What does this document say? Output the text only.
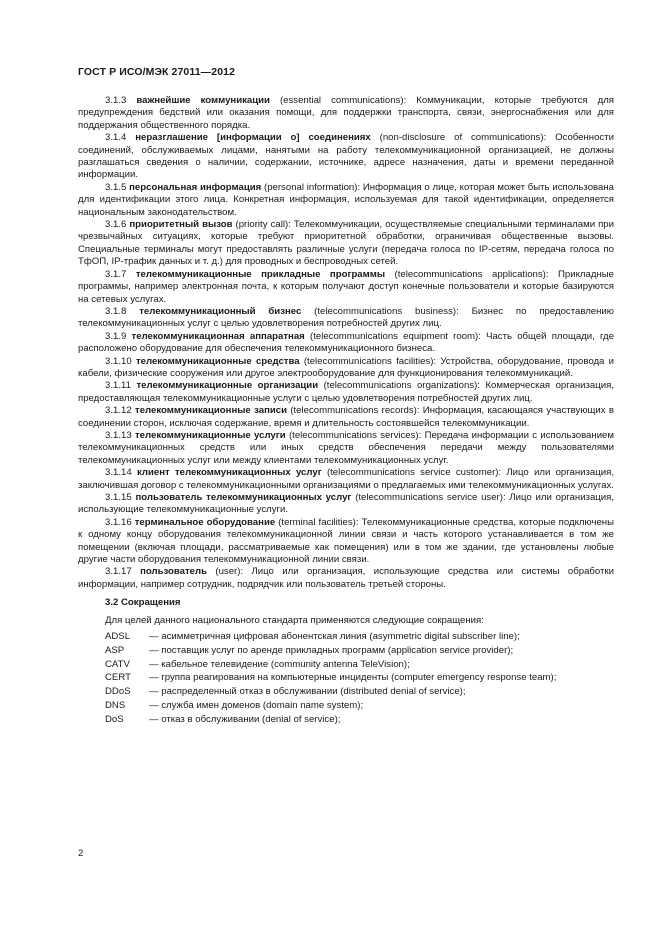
ГОСТ Р ИСО/МЭК 27011—2012

3.1.3 важнейшие коммуникации (essential communications): Коммуникации, которые требуются для предупреждения бедствий или оказания помощи, для поддержки транспорта, связи, энергоснабжения или для поддержания общественного порядка.

3.1.4 неразглашение [информации о] соединениях (non-disclosure of communications): Особенности соединений, обслуживаемых лицами, нанятыми на работу телекоммуникационной организацией, не должны разглашаться сведения о наличии, содержании, источнике, адресе назначения, даты и времени переданной информации.

3.1.5 персональная информация (personal information): Информация о лице, которая может быть использована для идентификации этого лица. Конкретная информация, используемая для такой идентификации, определяется национальным законодательством.

3.1.6 приоритетный вызов (priority call): Телекоммуникации, осуществляемые специальными терминалами при чрезвычайных ситуациях, которые требуют приоритетной обработки, ограничивая общественные вызовы. Специальные терминалы могут предоставлять различные услуги (передача голоса по IP-сетям, передача голоса по ТфОП, IP-трафик данных и т. д.) для проводных и беспроводных сетей.

3.1.7 телекоммуникационные прикладные программы (telecommunications applications): Прикладные программы, например электронная почта, к которым получают доступ конечные пользователи и которые базируются на сетевых услугах.

3.1.8 телекоммуникационный бизнес (telecommunications business): Бизнес по предоставлению телекоммуникационных услуг с целью удовлетворения потребностей других лиц.

3.1.9 телекоммуникационная аппаратная (telecommunications equipment room): Часть общей площади, где расположено оборудование для обеспечения телекоммуникационного бизнеса.

3.1.10 телекоммуникационные средства (telecommunications facilities): Устройства, оборудование, провода и кабели, физические сооружения или другое электрооборудование для функционирования телекоммуникаций.

3.1.11 телекоммуникационные организации (telecommunications organizations): Коммерческая организация, предоставляющая телекоммуникационные услуги с целью удовлетворения потребностей других лиц.

3.1.12 телекоммуникационные записи (telecommunications records): Информация, касающаяся участвующих в соединении сторон, исключая содержание, время и длительность состоявшейся телекоммуникации.

3.1.13 телекоммуникационные услуги (telecommunications services): Передача информации с использованием телекоммуникационных средств или иных средств обеспечения передачи между пользователями телекоммуникационных услуг или между клиентами телекоммуникационных услуг.

3.1.14 клиент телекоммуникационных услуг (telecommunications service customer): Лицо или организация, заключившая договор с телекоммуникационными организациями о предлагаемых ими телекоммуникационных услугах.

3.1.15 пользователь телекоммуникационных услуг (telecommunications service user): Лицо или организация, использующие телекоммуникационные услуги.

3.1.16 терминальное оборудование (terminal facilities): Телекоммуникационные средства, которые подключены к одному концу оборудования телекоммуникационной линии связи и часть которого устанавливается в том же помещении (включая площади, рассматриваемые как помещения) или в том же здании, где установлены любые другие части оборудования телекоммуникационной линии связи.

3.1.17 пользователь (user): Лицо или организация, использующие средства или системы обработки информации, например сотрудник, подрядчик или пользователь третьей стороны.

3.2 Сокращения

Для целей данного национального стандарта применяются следующие сокращения:

ADSL	— асимметричная цифровая абонентская линия (asymmetric digital subscriber line);
ASP	— поставщик услуг по аренде прикладных программ (application service provider);
CATV	— кабельное телевидение (community antenna TeleVision);
CERT	— группа реагирования на компьютерные инциденты (computer emergency response team);
DDoS	— распределенный отказ в обслуживании (distributed denial of service);
DNS	— служба имен доменов (domain name system);
DoS	— отказ в обслуживании (denial of service);
2
